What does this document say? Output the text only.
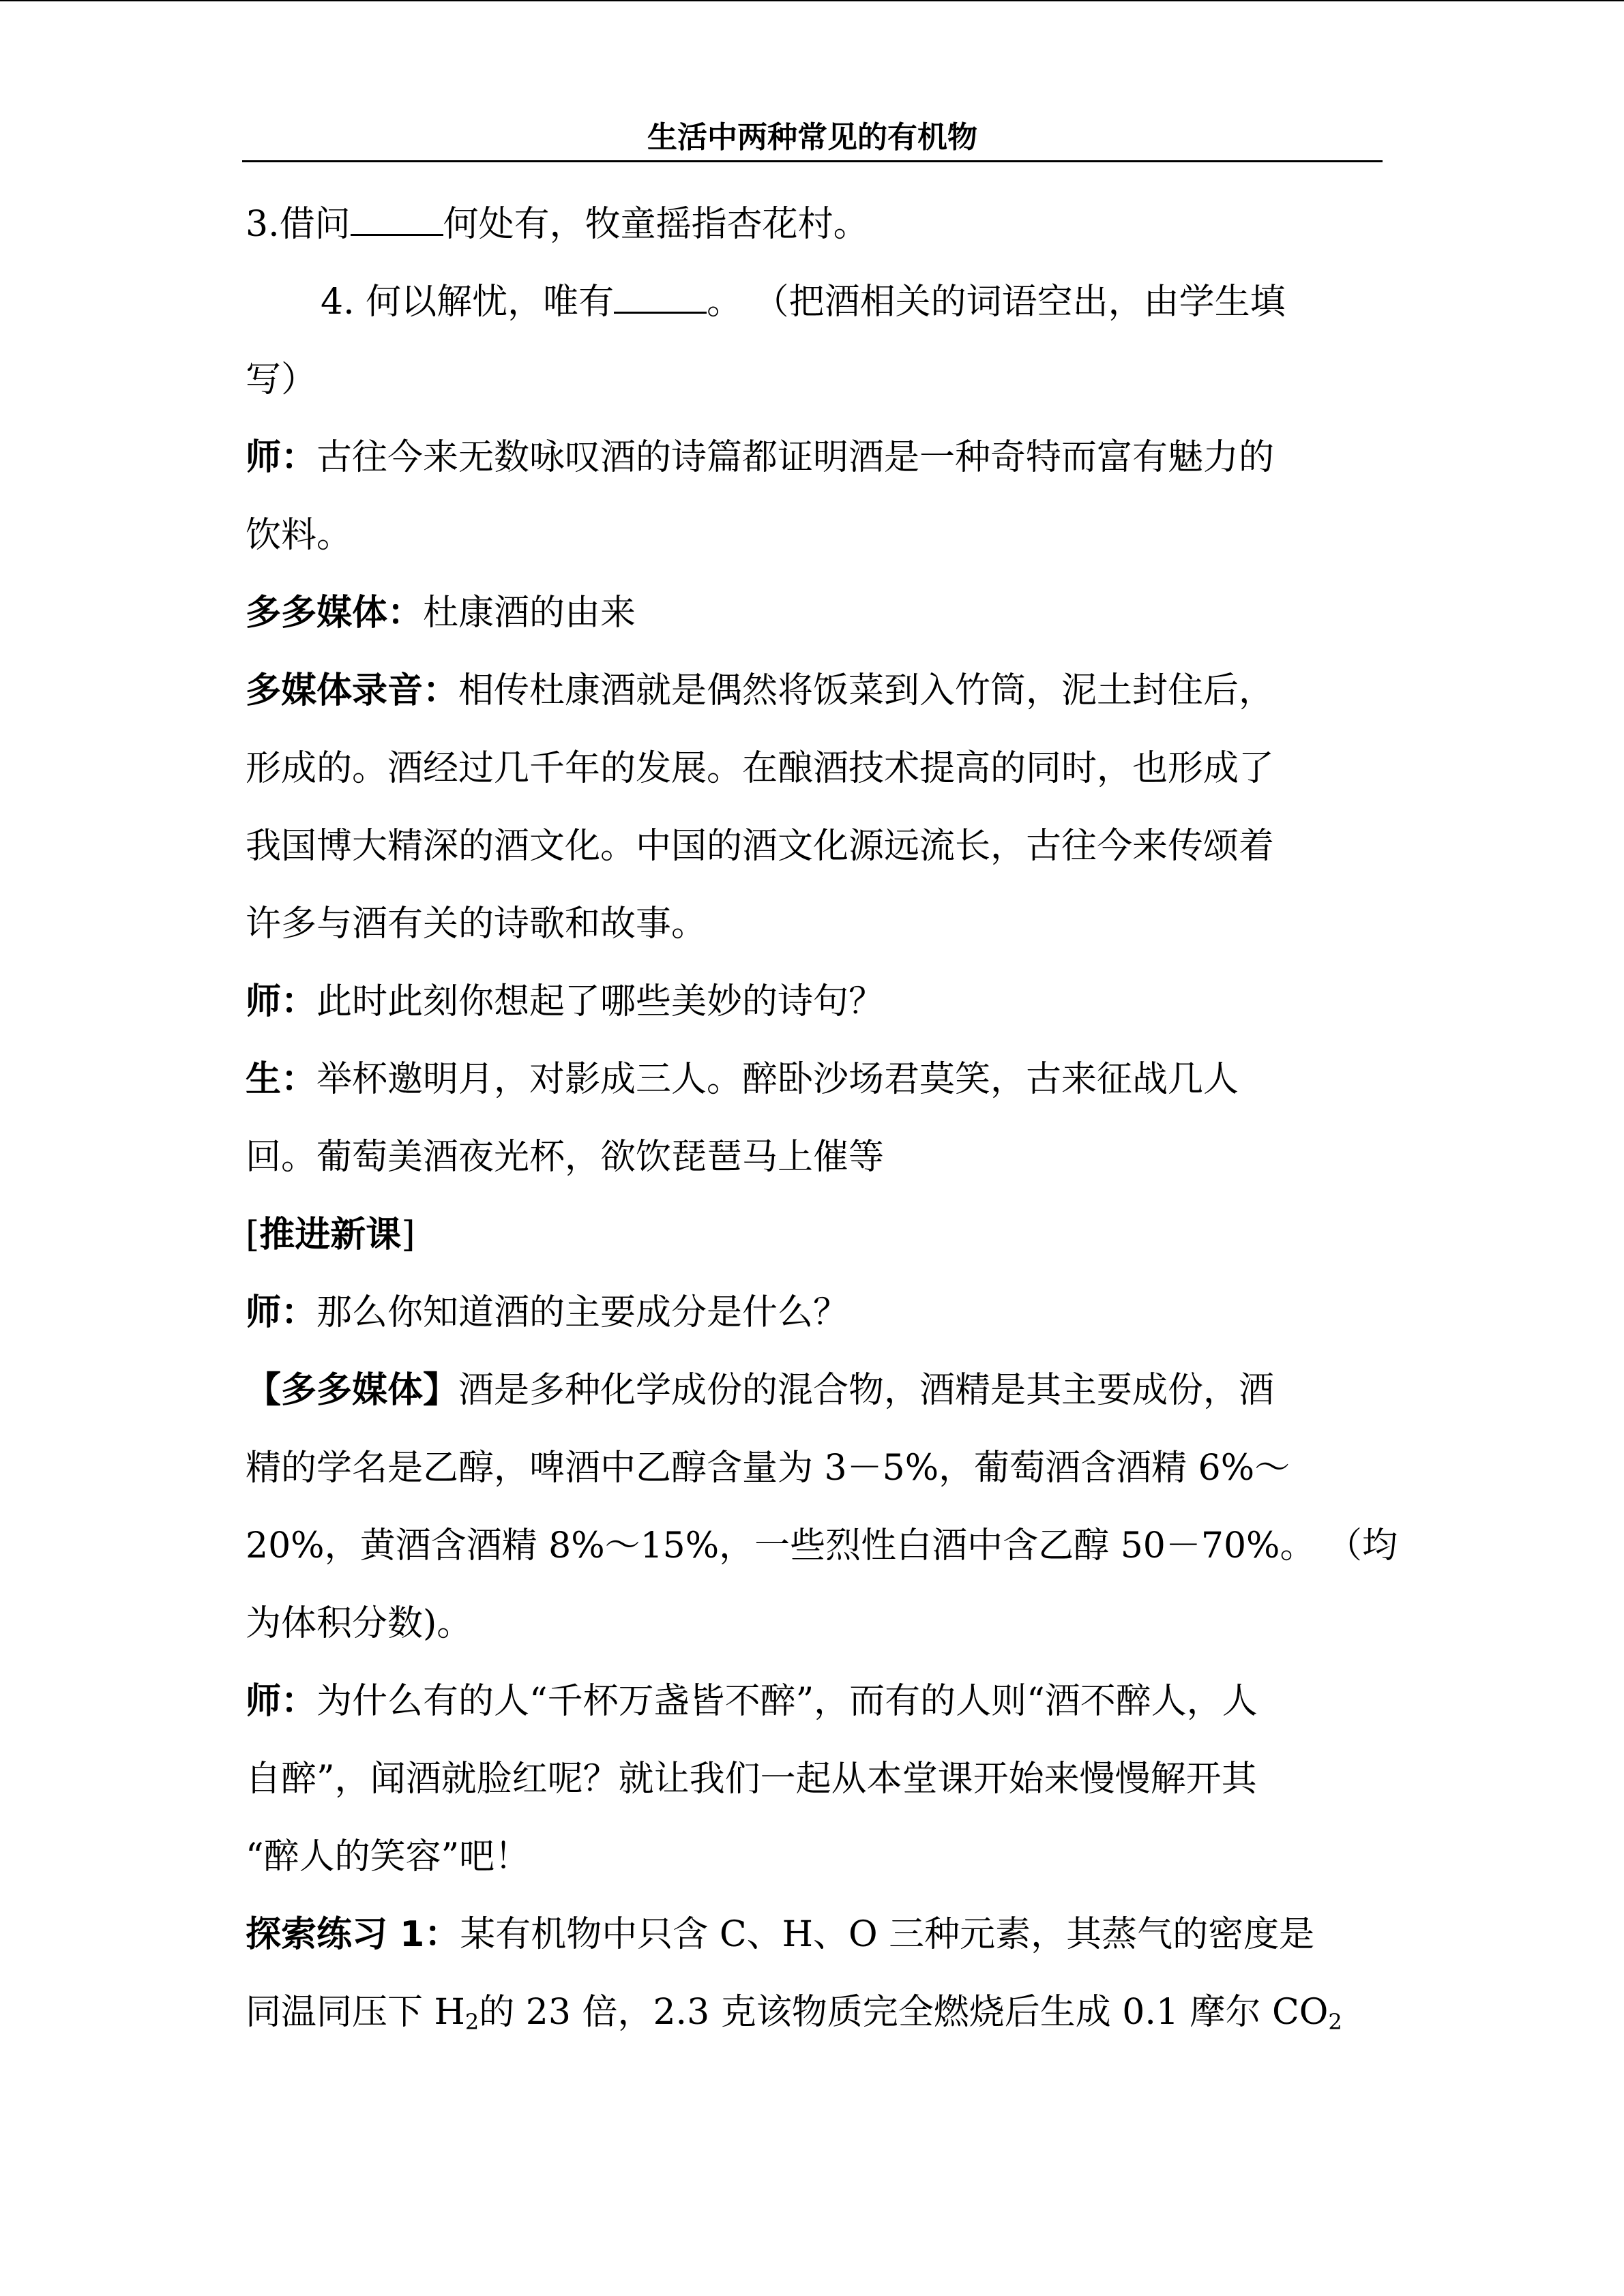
生活中两种常见的有机物

3.借问	何处有，牧童摇指杏花村。

4. 何以解忧，唯有	。 （把酒相关的词语空出，由学生填

写）

师：古往今来无数咏叹酒的诗篇都证明酒是一种奇特而富有魅力的

饮料。

多多媒体：杜康酒的由来

多媒体录音：相传杜康酒就是偶然将饭菜到入竹筒，泥土封住后，

形成的。酒经过几千年的发展。在酿酒技术提高的同时，也形成了

我国博大精深的酒文化。中国的酒文化源远流长，古往今来传颂着

许多与酒有关的诗歌和故事。

师：此时此刻你想起了哪些美妙的诗句？

生：举杯邀明月，对影成三人。醉卧沙场君莫笑，古来征战几人

回。葡萄美酒夜光杯，欲饮琵琶马上催等

[推进新课]

师：那么你知道酒的主要成分是什么？

【多多媒体】酒是多种化学成份的混合物，酒精是其主要成份，酒

精的学名是乙醇，啤酒中乙醇含量为 3－5%，葡萄酒含酒精 6%～

20%，黄酒含酒精 8%～15%，一些烈性白酒中含乙醇 50－70%。 （均

为体积分数)。

师：为什么有的人“千杯万盏皆不醉”，而有的人则“酒不醉人，人

自醉”，闻酒就脸红呢？就让我们一起从本堂课开始来慢慢解开其

“醉人的笑容”吧！

探索练习 1：某有机物中只含 C、H、O 三种元素，其蒸气的密度是

同温同压下 $H_2$的 23 倍，2.3 克该物质完全燃烧后生成 0.1 摩尔 $CO_2$
